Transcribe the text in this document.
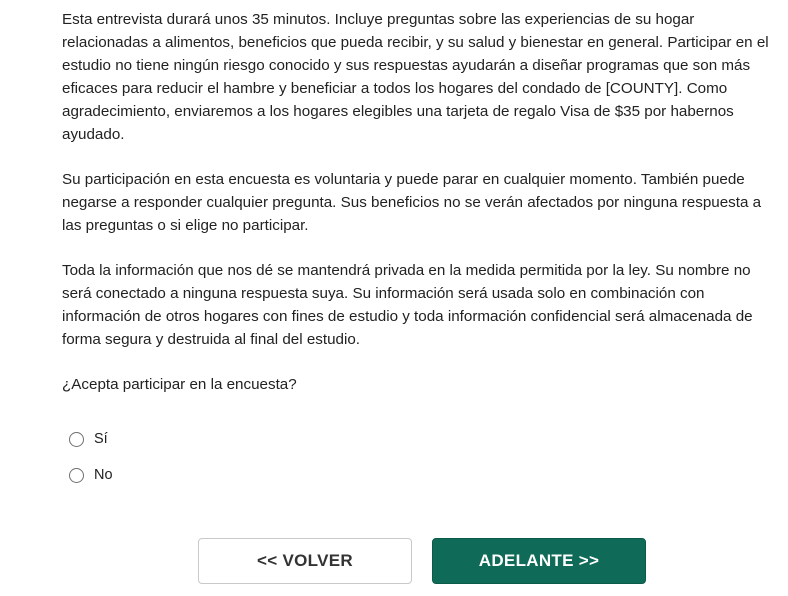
Esta entrevista durará unos 35 minutos. Incluye preguntas sobre las experiencias de su hogar relacionadas a alimentos, beneficios que pueda recibir, y su salud y bienestar en general. Participar en el estudio no tiene ningún riesgo conocido y sus respuestas ayudarán a diseñar programas que son más eficaces para reducir el hambre y beneficiar a todos los hogares del condado de [COUNTY]. Como agradecimiento, enviaremos a los hogares elegibles una tarjeta de regalo Visa de $35 por habernos ayudado.

Su participación en esta encuesta es voluntaria y puede parar en cualquier momento. También puede negarse a responder cualquier pregunta. Sus beneficios no se verán afectados por ninguna respuesta a las preguntas o si elige no participar.

Toda la información que nos dé se mantendrá privada en la medida permitida por la ley. Su nombre no será conectado a ninguna respuesta suya. Su información será usada solo en combinación con información de otros hogares con fines de estudio y toda información confidencial será almacenada de forma segura y destruida al final del estudio.

¿Acepta participar en la encuesta?

Sí
No
<< VOLVER	ADELANTE >>
